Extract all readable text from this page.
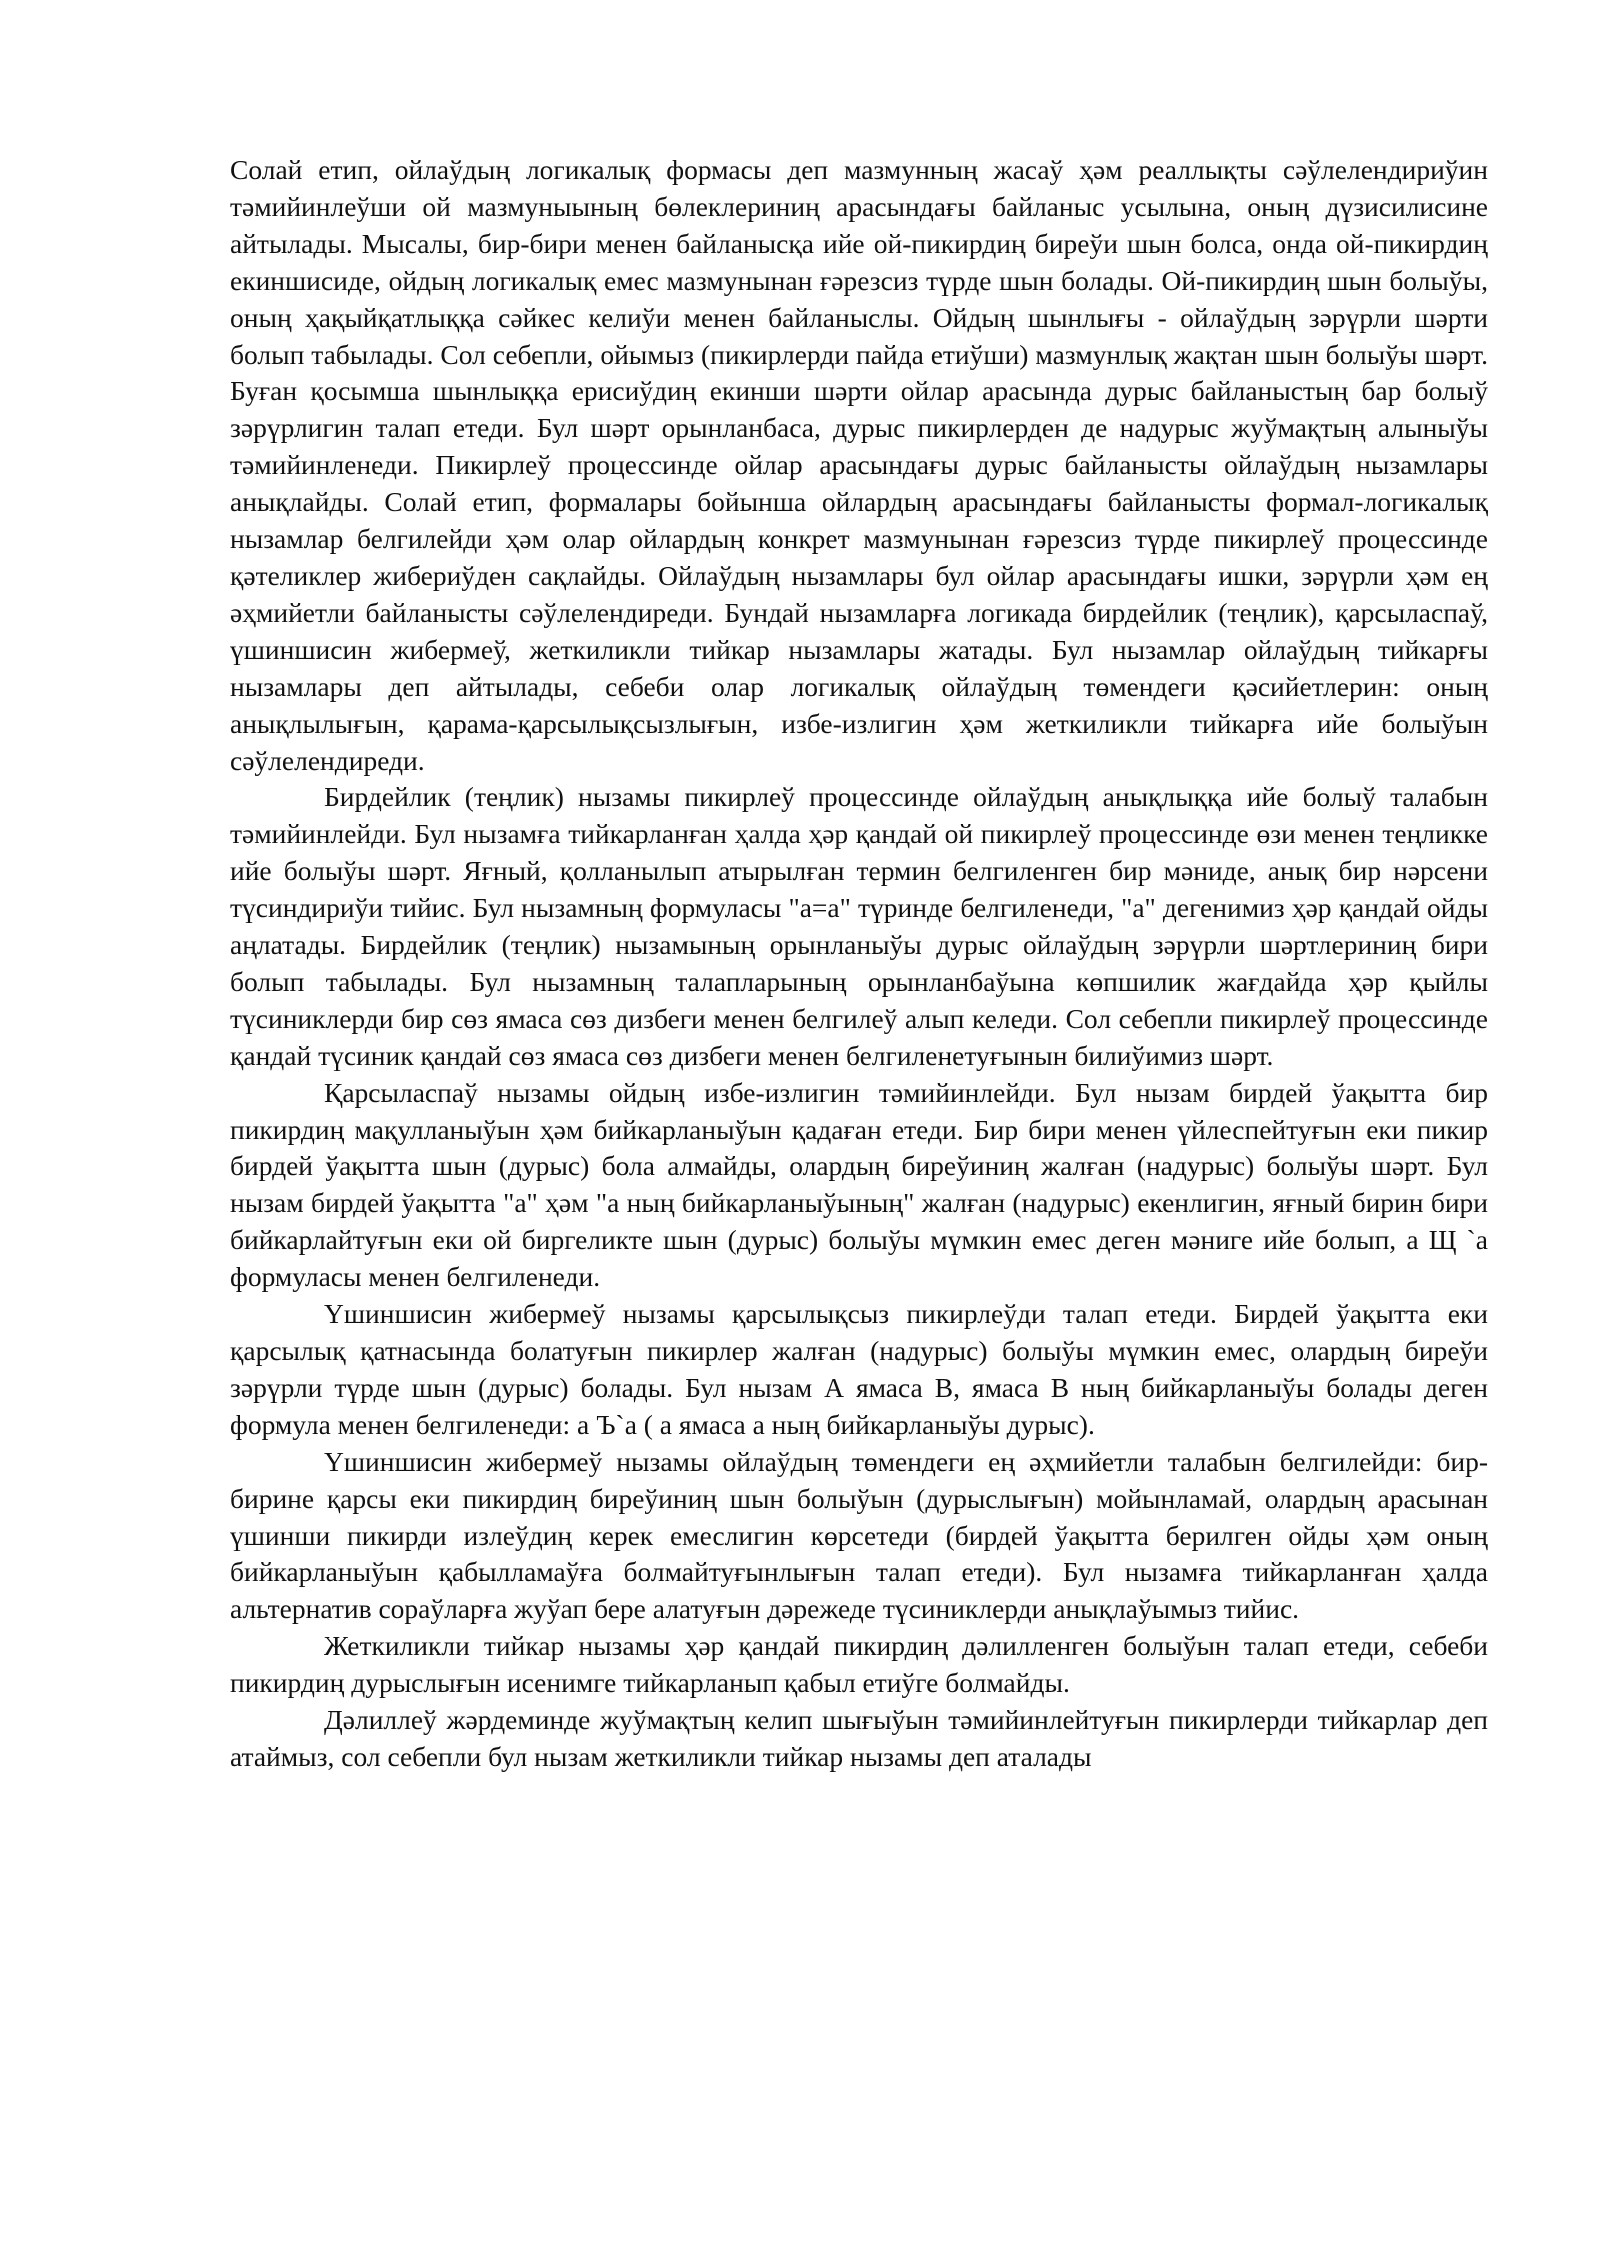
Солай етип, ойлаўдың логикалық формасы деп мазмунның жасаў ҳәм реаллықты сәўлелендириўин тәмийинлеўши ой мазмуныының бөлеклериниң арасындағы байланыс усылына, оның дүзисилисине айтылады. Мысалы, бир-бири менен байланысқа ийе ой-пикирдиң биреўи шын болса, онда ой-пикирдиң екиншисиде, ойдың логикалық емес мазмунынан ғәрезсиз түрде шын болады. Ой-пикирдиң шын болыўы, оның ҳақыйқатлыққа сәйкес келиўи менен байланыслы. Ойдың шынлығы - ойлаўдың зәрүрли шәрти болып табылады. Сол себепли, ойымыз (пикирлерди пайда етиўши) мазмунлық жақтан шын болыўы шәрт. Буған қосымша шынлыққа ерисиўдиң екинши шәрти ойлар арасында дурыс байланыстың бар болыў зәрүрлигин талап етеди. Бул шәрт орынланбаса, дурыс пикирлерден де надурыс жуўмақтың алыныўы тәмийинленеди. Пикирлеў процессинде ойлар арасындағы дурыс байланысты ойлаўдың нызамлары анықлайды. Солай етип, формалары бойынша ойлардың арасындағы байланысты формал-логикалық нызамлар белгилейди ҳәм олар ойлардың конкрет мазмунынан ғәрезсиз түрде пикирлеў процессинде қәтеликлер жибериўден сақлайды. Ойлаўдың нызамлары бул ойлар арасындағы ишки, зәрүрли ҳәм ең әҳмийетли байланысты сәўлелендиреди. Бундай нызамларға логикада бирдейлик (теңлик), қарсыласпаў, үшиншисин жибермеў, жеткиликли тийкар нызамлары жатады. Бул нызамлар ойлаўдың тийкарғы нызамлары деп айтылады, себеби олар логикалық ойлаўдың төмендеги қәсийетлерин: оның анықлылығын, қарама-қарсылықсызлығын, избе-излигин ҳәм жеткиликли тийкарға ийе болыўын сәўлелендиреди.

Бирдейлик (теңлик) нызамы пикирлеў процессинде ойлаўдың анықлыққа ийе болыў талабын тәмийинлейди. Бул нызамға тийкарланған ҳалда ҳәр қандай ой пикирлеў процессинде өзи менен теңликке ийе болыўы шәрт. Яғный, қолланылып атырылған термин белгиленген бир мәниде, анық бир нәрсени түсиндириўи тийис. Бул нызамның формуласы "а=а" түринде белгиленеди, "а" дегенимиз ҳәр қандай ойды аңлатады. Бирдейлик (теңлик) нызамының орынланыўы дурыс ойлаўдың зәрүрли шәртлериниң бири болып табылады. Бул нызамның талапларының орынланбаўына көпшилик жағдайда ҳәр қыйлы түсиниклерди бир сөз ямаса сөз дизбеги менен белгилеў алып келеди. Сол себепли пикирлеў процессинде қандай түсиник қандай сөз ямаса сөз дизбеги менен белгиленетуғынын билиўимиз шәрт.

Қарсыласпаў нызамы ойдың избе-излигин тәмийинлейди. Бул нызам бирдей ўақытта бир пикирдиң мақулланыўын ҳәм бийкарланыўын қадаған етеди. Бир бири менен үйлеспейтуғын еки пикир бирдей ўақытта шын (дурыс) бола алмайды, олардың биреўиниң жалған (надурыс) болыўы шәрт. Бул нызам бирдей ўақытта "а" ҳәм "а ның бийкарланыўының" жалған (надурыс) екенлигин, яғный бирин бири бийкарлайтуғын еки ой биргеликте шын (дурыс) болыўы мүмкин емес деген мәниге ийе болып, а Щ `а формуласы менен белгиленеди.

Үшиншисин жибермеў нызамы қарсылықсыз пикирлеўди талап етеди. Бирдей ўақытта еки қарсылық қатнасында болатуғын пикирлер жалған (надурыс) болыўы мүмкин емес, олардың биреўи зәрүрли түрде шын (дурыс) болады. Бул нызам А ямаса В, ямаса В ның бийкарланыўы болады деген формула менен белгиленеди: а Ъ`а ( а ямаса а ның бийкарланыўы дурыс).

Үшиншисин жибермеў нызамы ойлаўдың төмендеги ең әҳмийетли талабын белгилейди: бир-бирине қарсы еки пикирдиң биреўиниң шын болыўын (дурыслығын) мойынламай, олардың арасынан үшинши пикирди излеўдиң керек емеслигин көрсетеди (бирдей ўақытта берилген ойды ҳәм оның бийкарланыўын қабылламаўға болмайтуғынлығын талап етеди). Бул нызамға тийкарланған ҳалда альтернатив сораўларға жуўап бере алатуғын дәрежеде түсиниклерди анықлаўымыз тийис.

Жеткиликли тийкар нызамы ҳәр қандай пикирдиң дәлилленген болыўын талап етеди, себеби пикирдиң дурыслығын исенимге тийкарланып қабыл етиўге болмайды.

Дәлиллеў жәрдеминде жуўмақтың келип шығыўын тәмийинлейтуғын пикирлерди тийкарлар деп атаймыз, сол себепли бул нызам жеткиликли тийкар нызамы деп аталады
